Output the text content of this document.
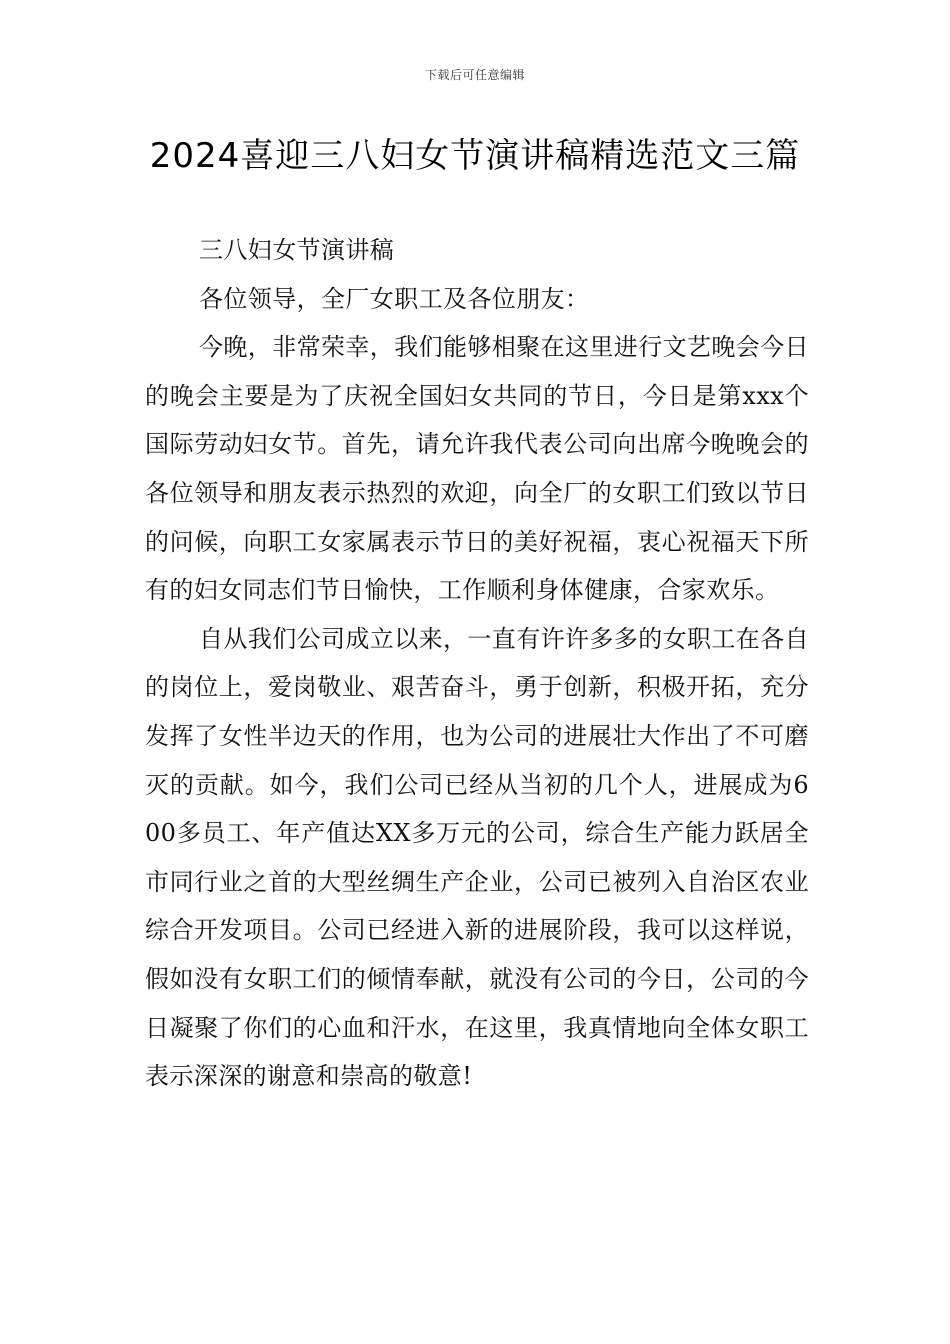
下载后可任意编辑
2024喜迎三八妇女节演讲稿精选范文三篇

三八妇女节演讲稿

各位领导，全厂女职工及各位朋友：

今晚，非常荣幸，我们能够相聚在这里进行文艺晚会今日的晚会主要是为了庆祝全国妇女共同的节日，今日是第xxx个国际劳动妇女节。首先，请允许我代表公司向出席今晚晚会的各位领导和朋友表示热烈的欢迎，向全厂的女职工们致以节日的问候，向职工女家属表示节日的美好祝福，衷心祝福天下所有的妇女同志们节日愉快，工作顺利身体健康，合家欢乐。

自从我们公司成立以来，一直有许许多多的女职工在各自的岗位上，爱岗敬业、艰苦奋斗，勇于创新，积极开拓，充分发挥了女性半边天的作用，也为公司的进展壮大作出了不可磨灭的贡献。如今，我们公司已经从当初的几个人，进展成为600多员工、年产值达XX多万元的公司，综合生产能力跃居全市同行业之首的大型丝绸生产企业，公司已被列入自治区农业综合开发项目。公司已经进入新的进展阶段，我可以这样说，假如没有女职工们的倾情奉献，就没有公司的今日，公司的今日凝聚了你们的心血和汗水，在这里，我真情地向全体女职工表示深深的谢意和崇高的敬意!
